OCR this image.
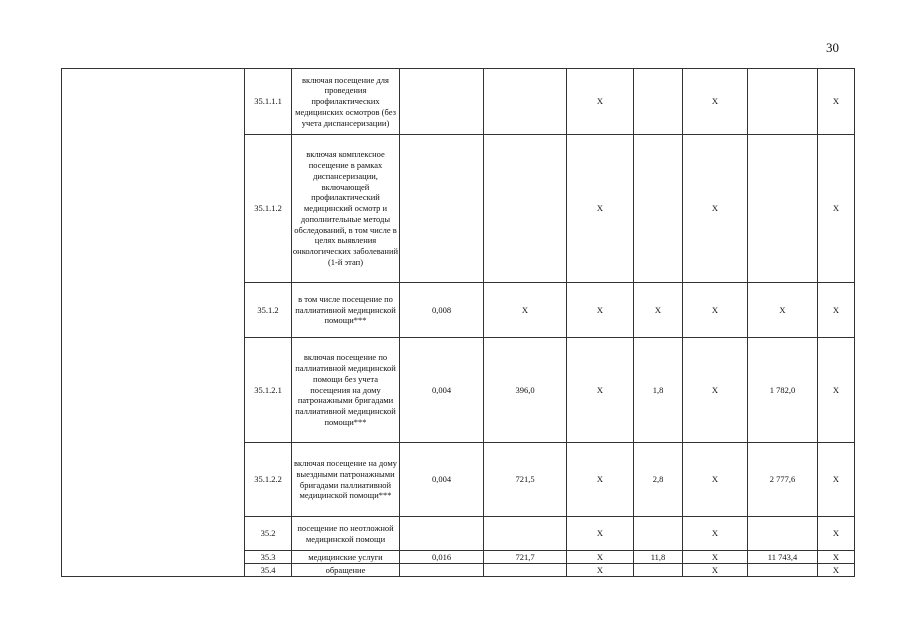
30
	35.1.1.1	включая посещение для проведения профилактических медицинских осмотров (без учета диспансеризации)			Х		Х		Х
	35.1.1.2	включая комплексное посещение в рамках диспансеризации, включающей профилактический медицинский осмотр и дополнительные методы обследований, в том числе в целях выявления онкологических заболеваний (1-й этап)			Х		Х		Х
	35.1.2	в том числе посещение по паллиативной медицинской помощи***	0,008	Х	Х	Х	Х	Х	Х
	35.1.2.1	включая посещение по паллиативной медицинской помощи без учета посещения на дому патронажными бригадами паллиативной медицинской помощи***	0,004	396,0	Х	1,8	Х	1 782,0	Х
	35.1.2.2	включая посещение на дому выездными патронажными бригадами паллиативной медицинской помощи***	0,004	721,5	Х	2,8	Х	2 777,6	Х
	35.2	посещение по неотложной медицинской помощи			Х		Х		Х
	35.3	медицинские услуги	0,016	721,7	Х	11,8	Х	11 743,4	Х
	35.4	обращение			Х		Х		Х
